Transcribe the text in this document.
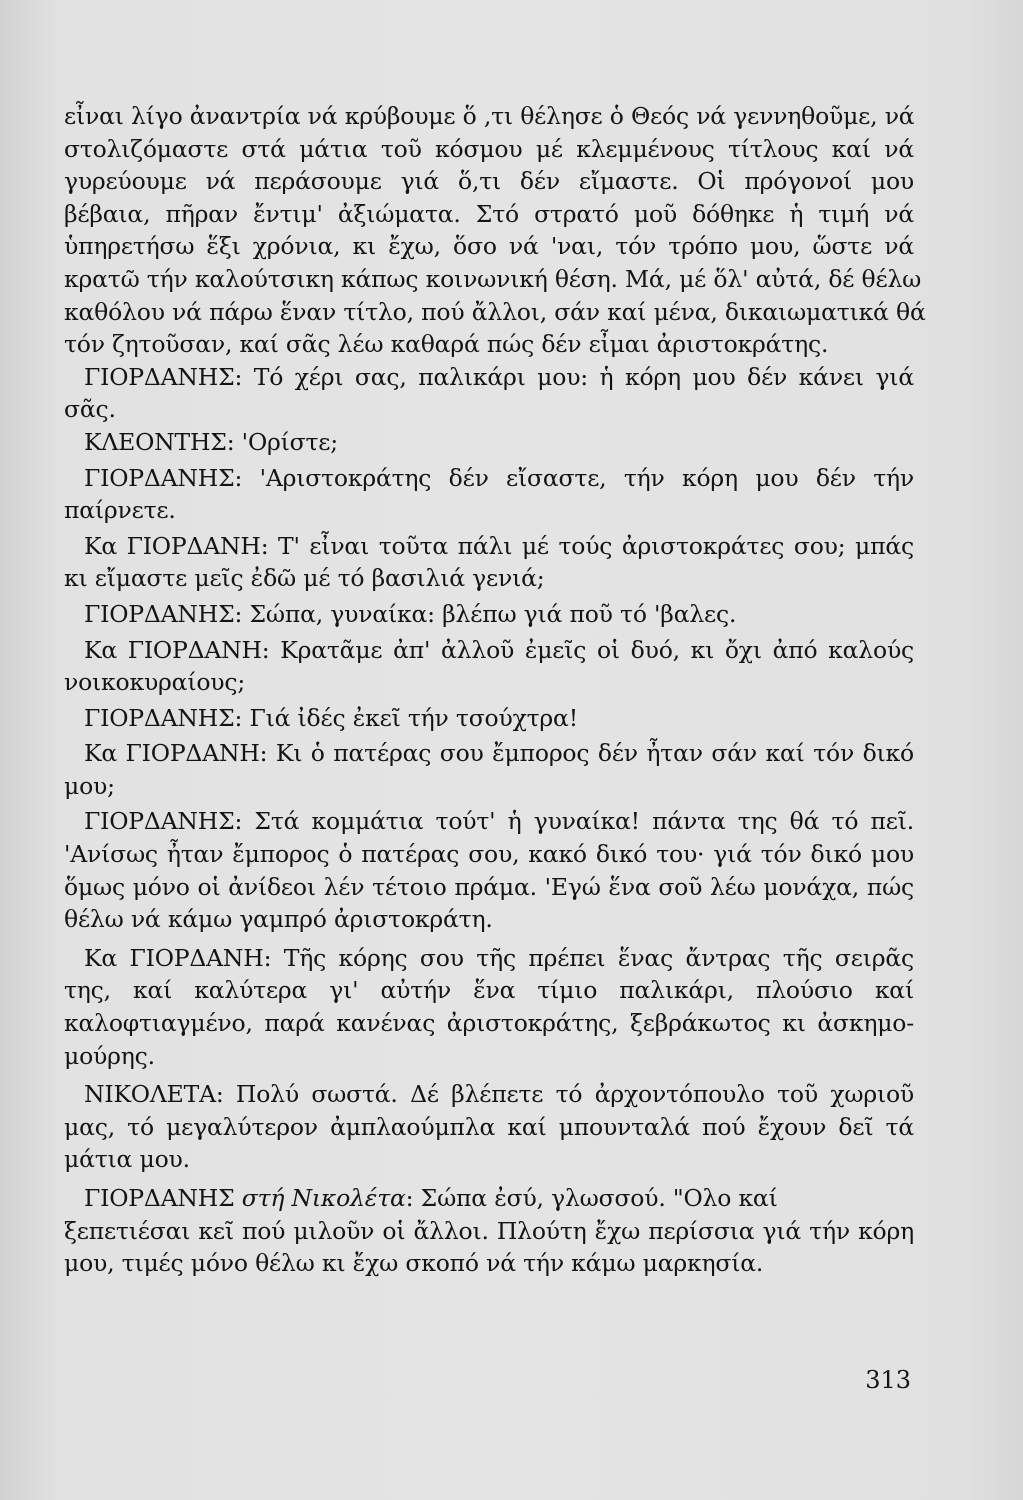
εἶναι λίγο ἀναντρία νά κρύβουμε ὅ ,τι θέλησε ὁ Θεός νά γεννηθοῦμε, νά
στολιζόμαστε στά μάτια τοῦ κόσμου μέ κλεμμένους τίτλους καί νά
γυρεύουμε νά περάσουμε γιά ὅ,τι δέν εἴμαστε. Οἱ πρόγονοί μου
βέβαια, πῆραν ἔντιμ' ἀξιώματα. Στό στρατό μοῦ δόθηκε ἡ τιμή νά
ὑπηρετήσω ἕξι χρόνια, κι ἔχω, ὅσο νά 'ναι, τόν τρόπο μου, ὥστε νά
κρατῶ τήν καλούτσικη κάπως κοινωνική θέση. Μά, μέ ὅλ' αὐτά, δέ θέλω
καθόλου νά πάρω ἕναν τίτλο, πού ἄλλοι, σάν καί μένα, δικαιωματικά θά
τόν ζητοῦσαν, καί σᾶς λέω καθαρά πώς δέν εἶμαι ἀριστοκράτης.
ΓΙΟΡΔΑΝΗΣ: Τό χέρι σας, παλικάρι μου: ἡ κόρη μου δέν κάνει γιά
σᾶς.
ΚΛΕΟΝΤΗΣ: 'Ορίστε;
ΓΙΟΡΔΑΝΗΣ: 'Αριστοκράτης δέν εἴσαστε, τήν κόρη μου δέν τήν
παίρνετε.
Κα ΓΙΟΡΔΑΝΗ: Τ' εἶναι τοῦτα πάλι μέ τούς ἀριστοκράτες σου; μπάς
κι εἴμαστε μεῖς ἐδῶ μέ τό βασιλιά γενιά;
ΓΙΟΡΔΑΝΗΣ: Σώπα, γυναίκα: βλέπω γιά ποῦ τό 'βαλες.
Κα ΓΙΟΡΔΑΝΗ: Κρατᾶμε ἀπ' ἀλλοῦ ἐμεῖς οἱ δυό, κι ὄχι ἀπό καλούς
νοικοκυραίους;
ΓΙΟΡΔΑΝΗΣ: Γιά ἰδές ἐκεῖ τήν τσούχτρα!
Κα ΓΙΟΡΔΑΝΗ: Κι ὁ πατέρας σου ἔμπορος δέν ἦταν σάν καί τόν δικό
μου;
ΓΙΟΡΔΑΝΗΣ: Στά κομμάτια τούτ' ἡ γυναίκα! πάντα της θά τό πεῖ.
'Ανίσως ἦταν ἔμπορος ὁ πατέρας σου, κακό δικό του· γιά τόν δικό μου
ὅμως μόνο οἱ ἀνίδεοι λέν τέτοιο πράμα. 'Εγώ ἕνα σοῦ λέω μονάχα, πώς
θέλω νά κάμω γαμπρό ἀριστοκράτη.
Κα ΓΙΟΡΔΑΝΗ: Τῆς κόρης σου τῆς πρέπει ἕνας ἄντρας τῆς σειρᾶς
της, καί καλύτερα γι' αὐτήν ἕνα τίμιο παλικάρι, πλούσιο καί
καλοφτιαγμένο, παρά κανένας ἀριστοκράτης, ξεβράκωτος κι ἀσκημο-
μούρης.
ΝΙΚΟΛΕΤΑ: Πολύ σωστά. Δέ βλέπετε τό ἀρχοντόπουλο τοῦ χωριοῦ
μας, τό μεγαλύτερον ἀμπλαούμπλα καί μπουνταλά πού ἔχουν δεῖ τά
μάτια μου.
ΓΙΟΡΔΑΝΗΣ στή Νικολέτα: Σώπα ἐσύ, γλωσσού. "Ολο καί
ξεπετιέσαι κεῖ πού μιλοῦν οἱ ἄλλοι. Πλούτη ἔχω περίσσια γιά τήν κόρη
μου, τιμές μόνο θέλω κι ἔχω σκοπό νά τήν κάμω μαρκησία.
313
